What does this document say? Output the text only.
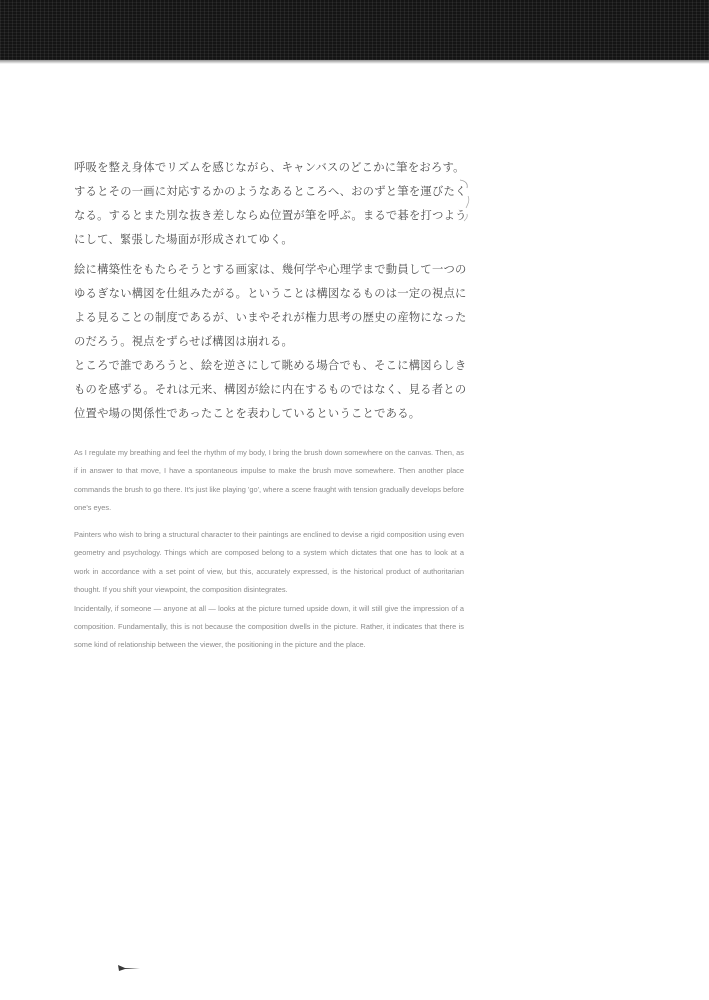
呼吸を整え身体でリズムを感じながら、キャンバスのどこかに筆をおろす。

するとその一画に対応するかのようなあるところへ、おのずと筆を運びたく

なる。するとまた別な抜き差しならぬ位置が筆を呼ぶ。まるで碁を打つよう

にして、緊張した場面が形成されてゆく。

絵に構築性をもたらそうとする画家は、幾何学や心理学まで動員して一つの

ゆるぎない構図を仕組みたがる。ということは構図なるものは一定の視点に

よる見ることの制度であるが、いまやそれが権力思考の歴史の産物になった

のだろう。視点をずらせば構図は崩れる。

ところで誰であろうと、絵を逆さにして眺める場合でも、そこに構図らしき

ものを感ずる。それは元来、構図が絵に内在するものではなく、見る者との

位置や場の関係性であったことを表わしているということである。

As I regulate my breathing and feel the rhythm of my body, I bring the brush down somewhere on the canvas. Then, as if in answer to that move, I have a spontaneous impulse to make the brush move somewhere. Then another place commands the brush to go there. It's just like playing 'go', where a scene fraught with tension gradually develops before one's eyes.

Painters who wish to bring a structural character to their paintings are enclined to devise a rigid composition using even geometry and psychology. Things which are composed belong to a system which dictates that one has to look at a work in accordance with a set point of view, but this, accurately expressed, is the historical product of authoritarian thought. If you shift your viewpoint, the composition disintegrates.

Incidentally, if someone — anyone at all — looks at the picture turned upside down, it will still give the impression of a composition. Fundamentally, this is not because the composition dwells in the picture. Rather, it indicates that there is some kind of relationship between the viewer, the positioning in the picture and the place.
